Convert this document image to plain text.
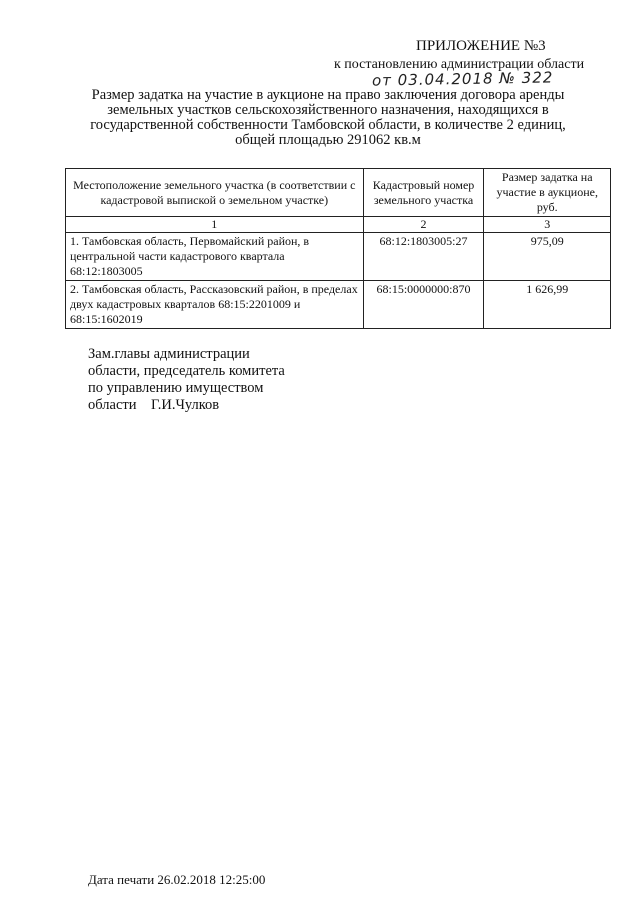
ПРИЛОЖЕНИЕ №3
к постановлению администрации области
от 03.04.2018 № 322
Размер задатка на участие в аукционе на право заключения договора аренды
земельных участков сельскохозяйственного назначения, находящихся в
государственной собственности Тамбовской области, в количестве 2 единиц,
общей площадью 291062 кв.м
Местоположение земельного участка (в соответствии с кадастровой выпиской о земельном участке)	Кадастровый номер земельного участка	Размер задатка на участие в аукционе, руб.
1	2	3
1. Тамбовская область, Первомайский район, в центральной части кадастрового квартала 68:12:1803005	68:12:1803005:27	975,09
2. Тамбовская область, Рассказовский район, в пределах двух кадастровых кварталов 68:15:2201009 и 68:15:1602019	68:15:0000000:870	1 626,99
Зам.главы администрации
области, председатель комитета
по управлению имуществом
области    Г.И.Чулков
Дата печати 26.02.2018 12:25:00
